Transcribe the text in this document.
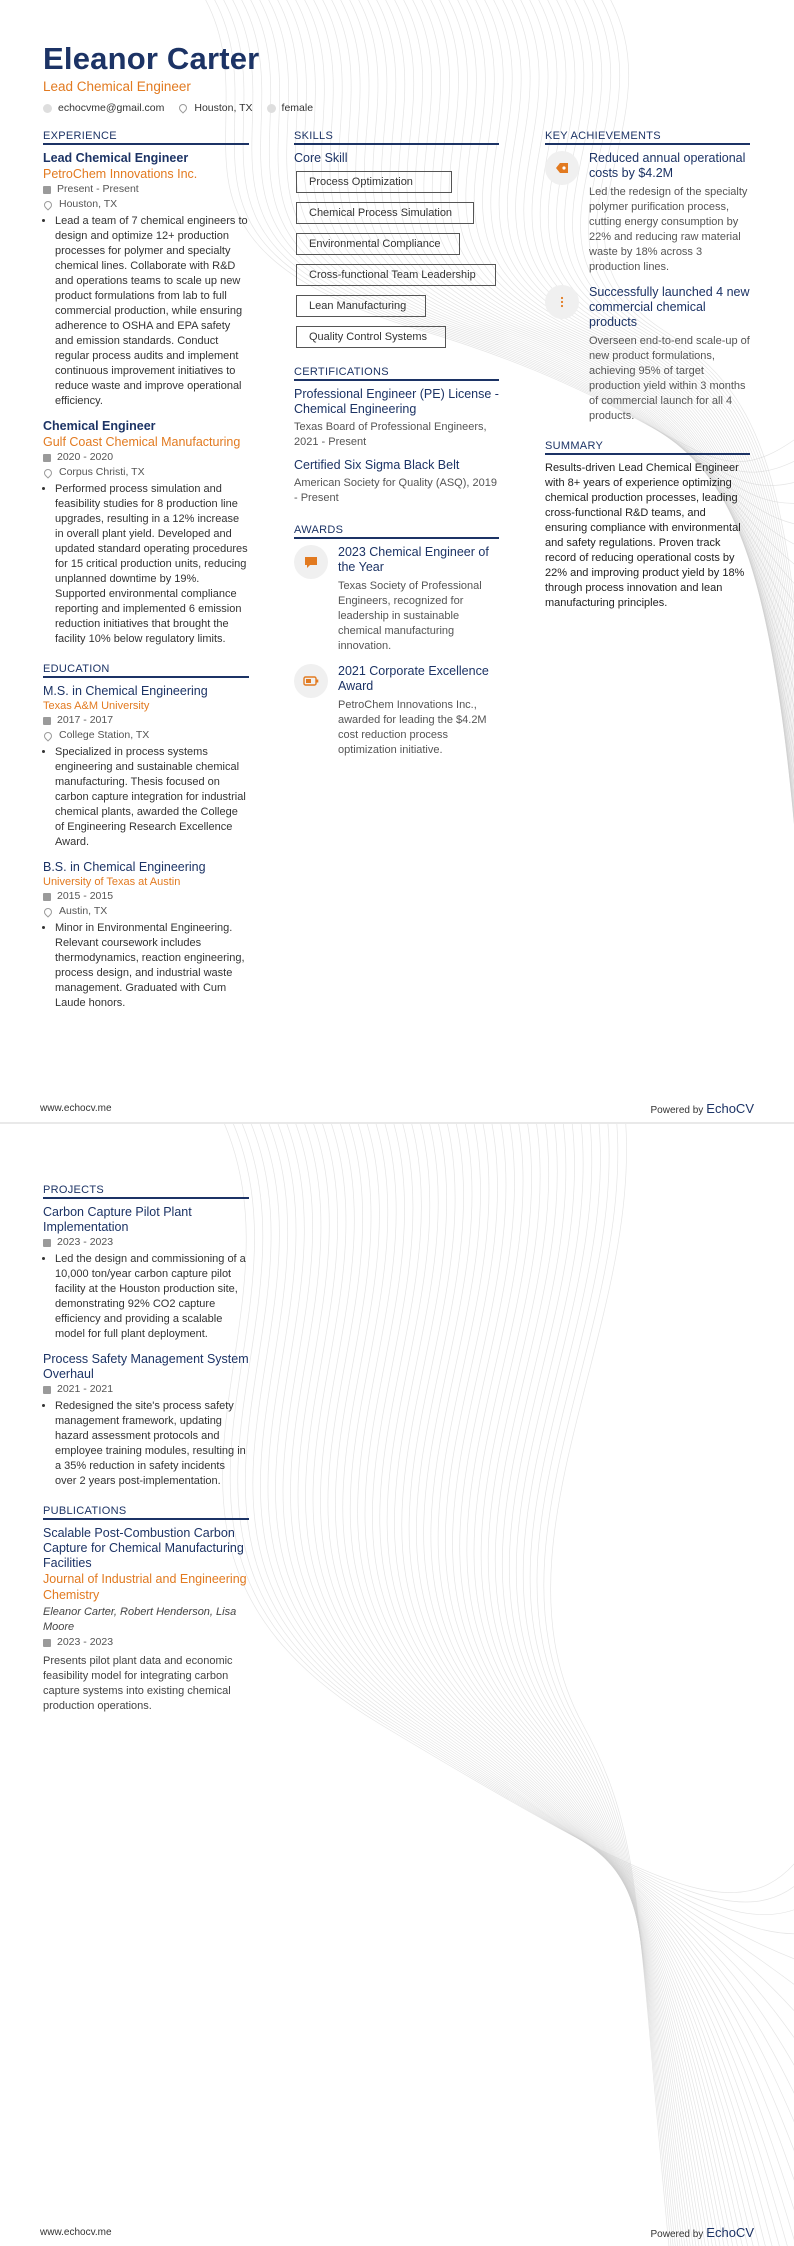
Eleanor Carter
Lead Chemical Engineer
echocvme@gmail.com	Houston, TX	female
EXPERIENCE
Lead Chemical Engineer
PetroChem Innovations Inc.
Present - Present
Houston, TX
• Lead a team of 7 chemical engineers to design and optimize 12+ production processes for polymer and specialty chemical lines. Collaborate with R&D and operations teams to scale up new product formulations from lab to full commercial production, while ensuring adherence to OSHA and EPA safety and emission standards. Conduct regular process audits and implement continuous improvement initiatives to reduce waste and improve operational efficiency.
Chemical Engineer
Gulf Coast Chemical Manufacturing
2020 - 2020
Corpus Christi, TX
• Performed process simulation and feasibility studies for 8 production line upgrades, resulting in a 12% increase in overall plant yield. Developed and updated standard operating procedures for 15 critical production units, reducing unplanned downtime by 19%. Supported environmental compliance reporting and implemented 6 emission reduction initiatives that brought the facility 10% below regulatory limits.
EDUCATION
M.S. in Chemical Engineering
Texas A&M University
2017 - 2017
College Station, TX
• Specialized in process systems engineering and sustainable chemical manufacturing. Thesis focused on carbon capture integration for industrial chemical plants, awarded the College of Engineering Research Excellence Award.
B.S. in Chemical Engineering
University of Texas at Austin
2015 - 2015
Austin, TX
• Minor in Environmental Engineering. Relevant coursework includes thermodynamics, reaction engineering, process design, and industrial waste management. Graduated with Cum Laude honors.
SKILLS
Core Skill
Process Optimization
Chemical Process Simulation
Environmental Compliance
Cross-functional Team Leadership
Lean Manufacturing
Quality Control Systems
CERTIFICATIONS
Professional Engineer (PE) License - Chemical Engineering
Texas Board of Professional Engineers, 2021 - Present
Certified Six Sigma Black Belt
American Society for Quality (ASQ), 2019 - Present
AWARDS
2023 Chemical Engineer of the Year
Texas Society of Professional Engineers, recognized for leadership in sustainable chemical manufacturing innovation.
2021 Corporate Excellence Award
PetroChem Innovations Inc., awarded for leading the $4.2M cost reduction process optimization initiative.
KEY ACHIEVEMENTS
Reduced annual operational costs by $4.2M
Led the redesign of the specialty polymer purification process, cutting energy consumption by 22% and reducing raw material waste by 18% across 3 production lines.
Successfully launched 4 new commercial chemical products
Overseen end-to-end scale-up of new product formulations, achieving 95% of target production yield within 3 months of commercial launch for all 4 products.
SUMMARY
Results-driven Lead Chemical Engineer with 8+ years of experience optimizing chemical production processes, leading cross-functional R&D teams, and ensuring compliance with environmental and safety regulations. Proven track record of reducing operational costs by 22% and improving product yield by 18% through process innovation and lean manufacturing principles.
www.echocv.me	Powered by EchoCV
PROJECTS
Carbon Capture Pilot Plant Implementation
2023 - 2023
• Led the design and commissioning of a 10,000 ton/year carbon capture pilot facility at the Houston production site, demonstrating 92% CO2 capture efficiency and providing a scalable model for full plant deployment.
Process Safety Management System Overhaul
2021 - 2021
• Redesigned the site's process safety management framework, updating hazard assessment protocols and employee training modules, resulting in a 35% reduction in safety incidents over 2 years post-implementation.
PUBLICATIONS
Scalable Post-Combustion Carbon Capture for Chemical Manufacturing Facilities
Journal of Industrial and Engineering Chemistry
Eleanor Carter, Robert Henderson, Lisa Moore
2023 - 2023
Presents pilot plant data and economic feasibility model for integrating carbon capture systems into existing chemical production operations.
www.echocv.me	Powered by EchoCV
